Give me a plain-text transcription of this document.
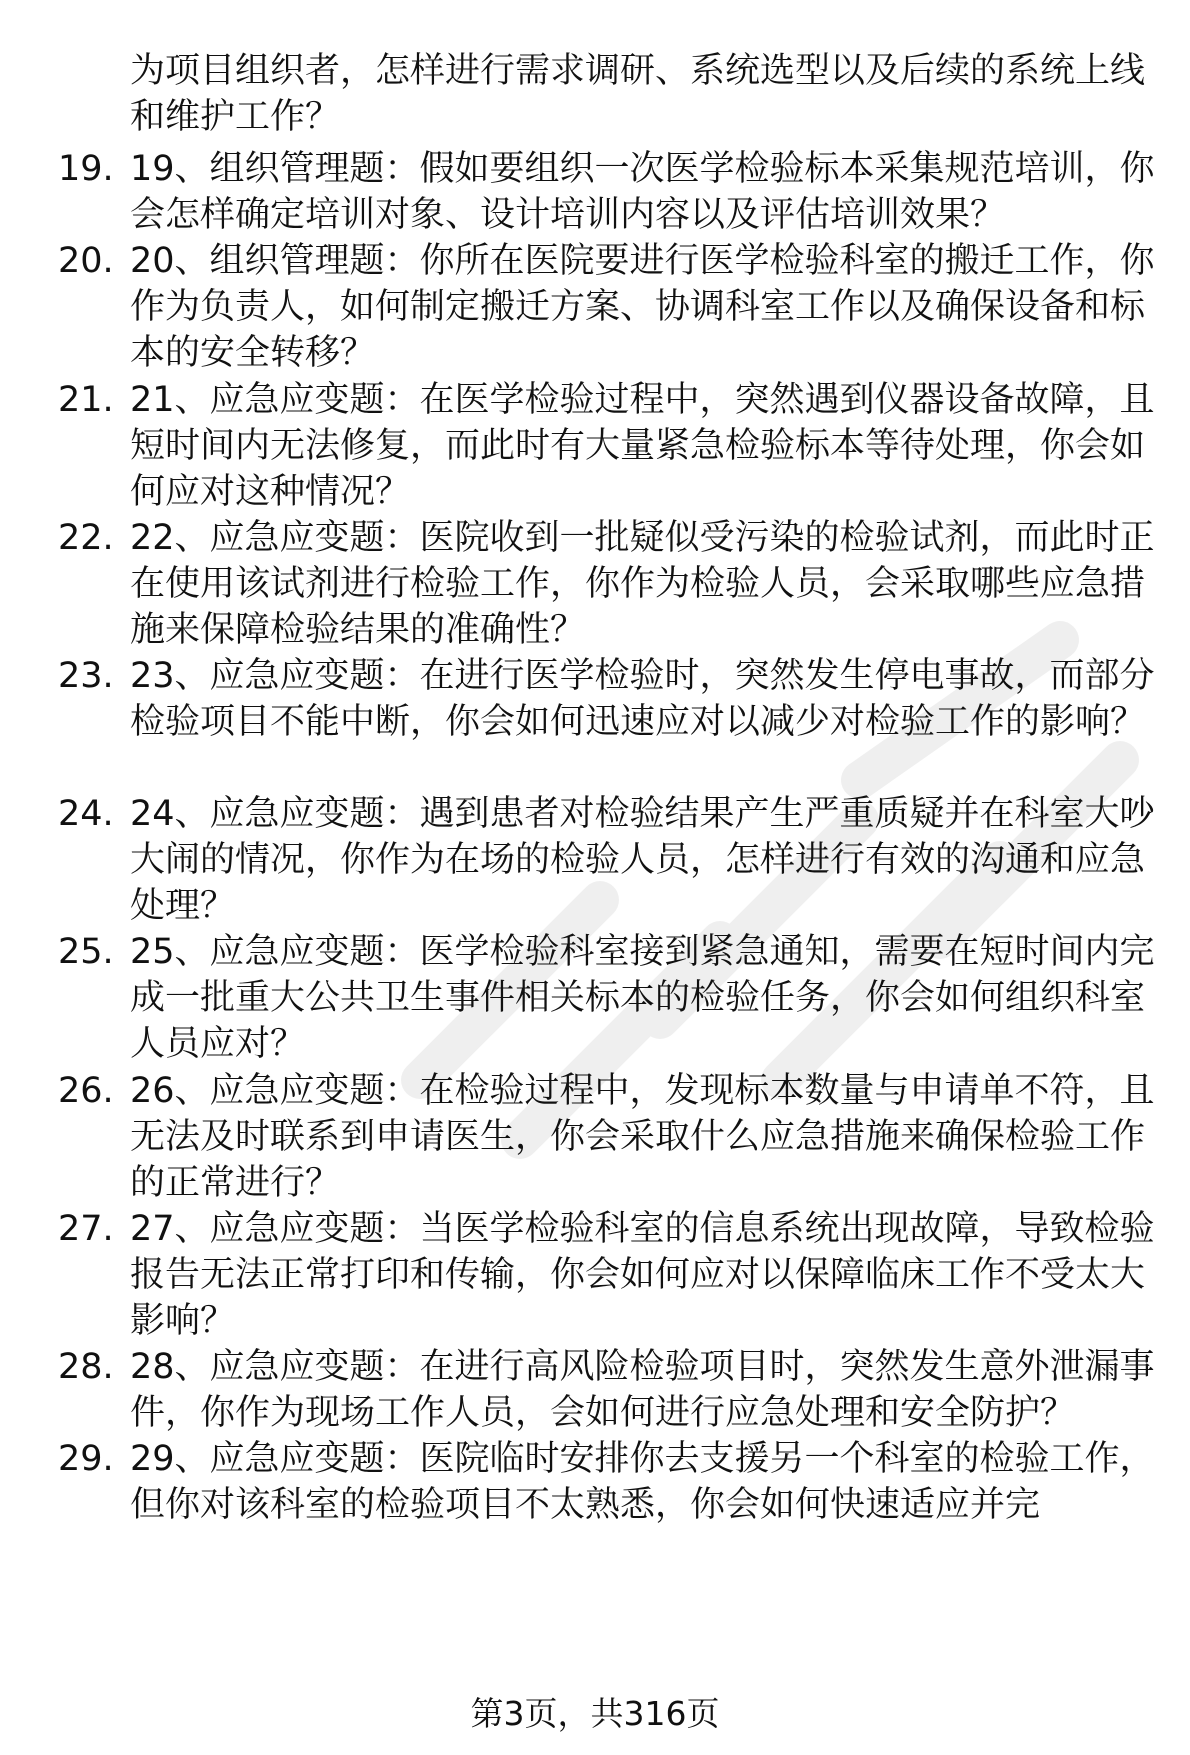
为项目组织者，怎样进行需求调研、系统选型以及后续的系统上线和维护工作？

19. 19、组织管理题：假如要组织一次医学检验标本采集规范培训，你会怎样确定培训对象、设计培训内容以及评估培训效果？

20. 20、组织管理题：你所在医院要进行医学检验科室的搬迁工作，你作为负责人，如何制定搬迁方案、协调科室工作以及确保设备和标本的安全转移？

21. 21、应急应变题：在医学检验过程中，突然遇到仪器设备故障，且短时间内无法修复，而此时有大量紧急检验标本等待处理，你会如何应对这种情况？

22. 22、应急应变题：医院收到一批疑似受污染的检验试剂，而此时正在使用该试剂进行检验工作，你作为检验人员，会采取哪些应急措施来保障检验结果的准确性？

23. 23、应急应变题：在进行医学检验时，突然发生停电事故，而部分检验项目不能中断，你会如何迅速应对以减少对检验工作的影响？

24. 24、应急应变题：遇到患者对检验结果产生严重质疑并在科室大吵大闹的情况，你作为在场的检验人员，怎样进行有效的沟通和应急处理？

25. 25、应急应变题：医学检验科室接到紧急通知，需要在短时间内完成一批重大公共卫生事件相关标本的检验任务，你会如何组织科室人员应对？

26. 26、应急应变题：在检验过程中，发现标本数量与申请单不符，且无法及时联系到申请医生，你会采取什么应急措施来确保检验工作的正常进行？

27. 27、应急应变题：当医学检验科室的信息系统出现故障，导致检验报告无法正常打印和传输，你会如何应对以保障临床工作不受太大影响？

28. 28、应急应变题：在进行高风险检验项目时，突然发生意外泄漏事件，你作为现场工作人员，会如何进行应急处理和安全防护？

29. 29、应急应变题：医院临时安排你去支援另一个科室的检验工作，但你对该科室的检验项目不太熟悉，你会如何快速适应并完

第3页，共316页
